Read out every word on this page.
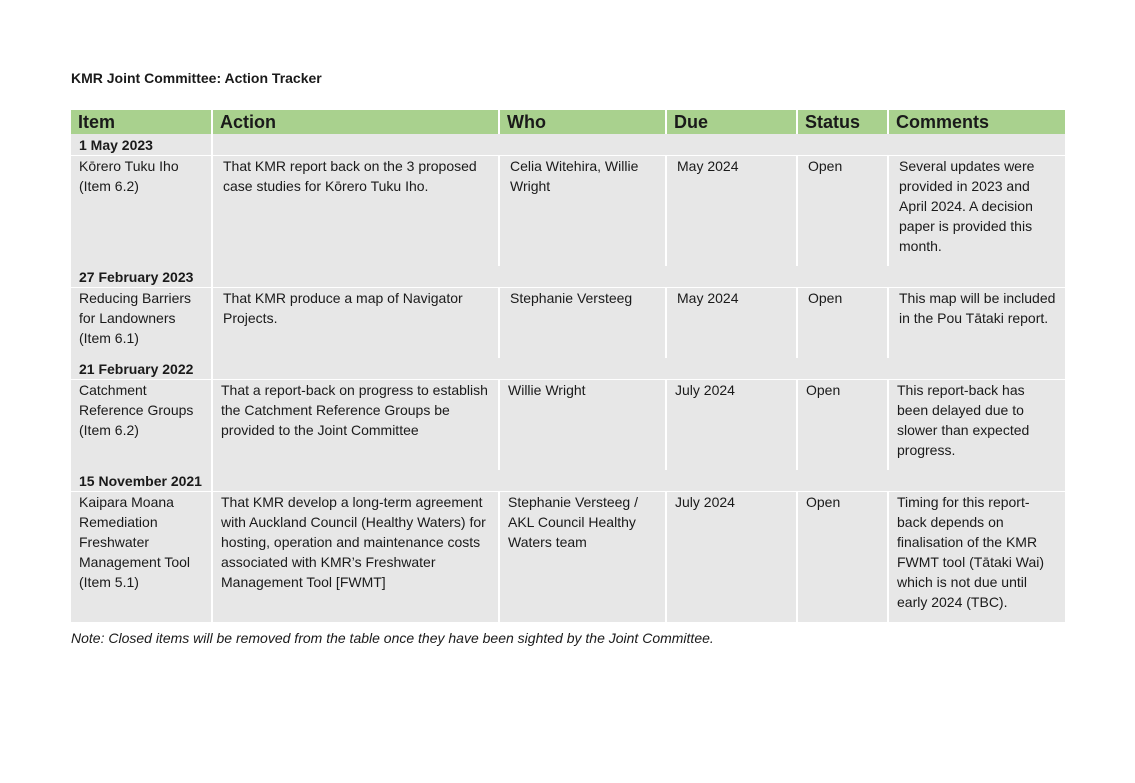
KMR Joint Committee: Action Tracker
Item	Action	Who	Due	Status	Comments
1 May 2023					
Kōrero Tuku Iho (Item 6.2)	That KMR report back on the 3 proposed case studies for Kōrero Tuku Iho.	Celia Witehira, Willie Wright	May 2024	Open	Several updates were provided in 2023 and April 2024. A decision paper is provided this month.
27 February 2023					
Reducing Barriers for Landowners (Item 6.1)	That KMR produce a map of Navigator Projects.	Stephanie Versteeg	May 2024	Open	This map will be included in the Pou Tātaki report.
21 February 2022					
Catchment Reference Groups (Item 6.2)	That a report-back on progress to establish the Catchment Reference Groups be provided to the Joint Committee	Willie Wright	July 2024	Open	This report-back has been delayed due to slower than expected progress.
15 November 2021					
Kaipara Moana Remediation Freshwater Management Tool (Item 5.1)	That KMR develop a long-term agreement with Auckland Council (Healthy Waters) for hosting, operation and maintenance costs associated with KMR’s Freshwater Management Tool [FWMT]	Stephanie Versteeg / AKL Council Healthy Waters team	July 2024	Open	Timing for this report-back depends on finalisation of the KMR FWMT tool (Tātaki Wai) which is not due until early 2024 (TBC).

Note: Closed items will be removed from the table once they have been sighted by the Joint Committee.
